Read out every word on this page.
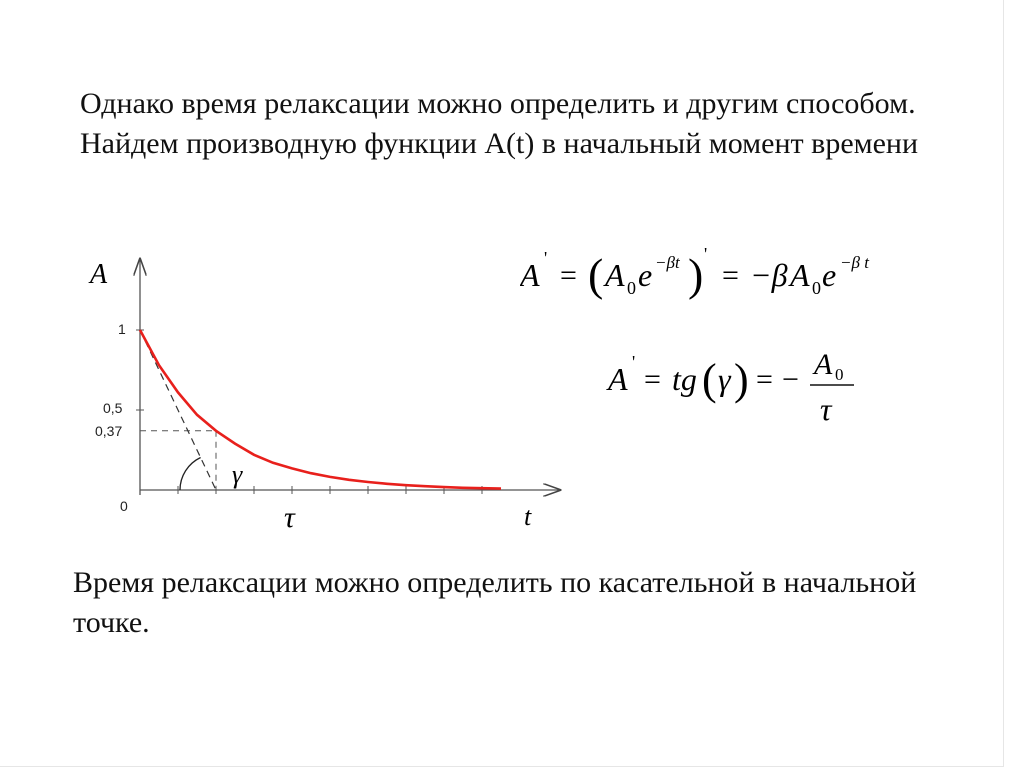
Однако время релаксации можно определить и другим способом. Найдем производную функции A(t) в начальный момент времени

A
t
1
0,5
0,37
0
γ
τ
A '
= ( A 0 e −βt ) '
= −β A 0 e −β t
A '
= tg ( γ ) = − A 0
τ

Время релаксации можно определить по касательной в начальной точке.
